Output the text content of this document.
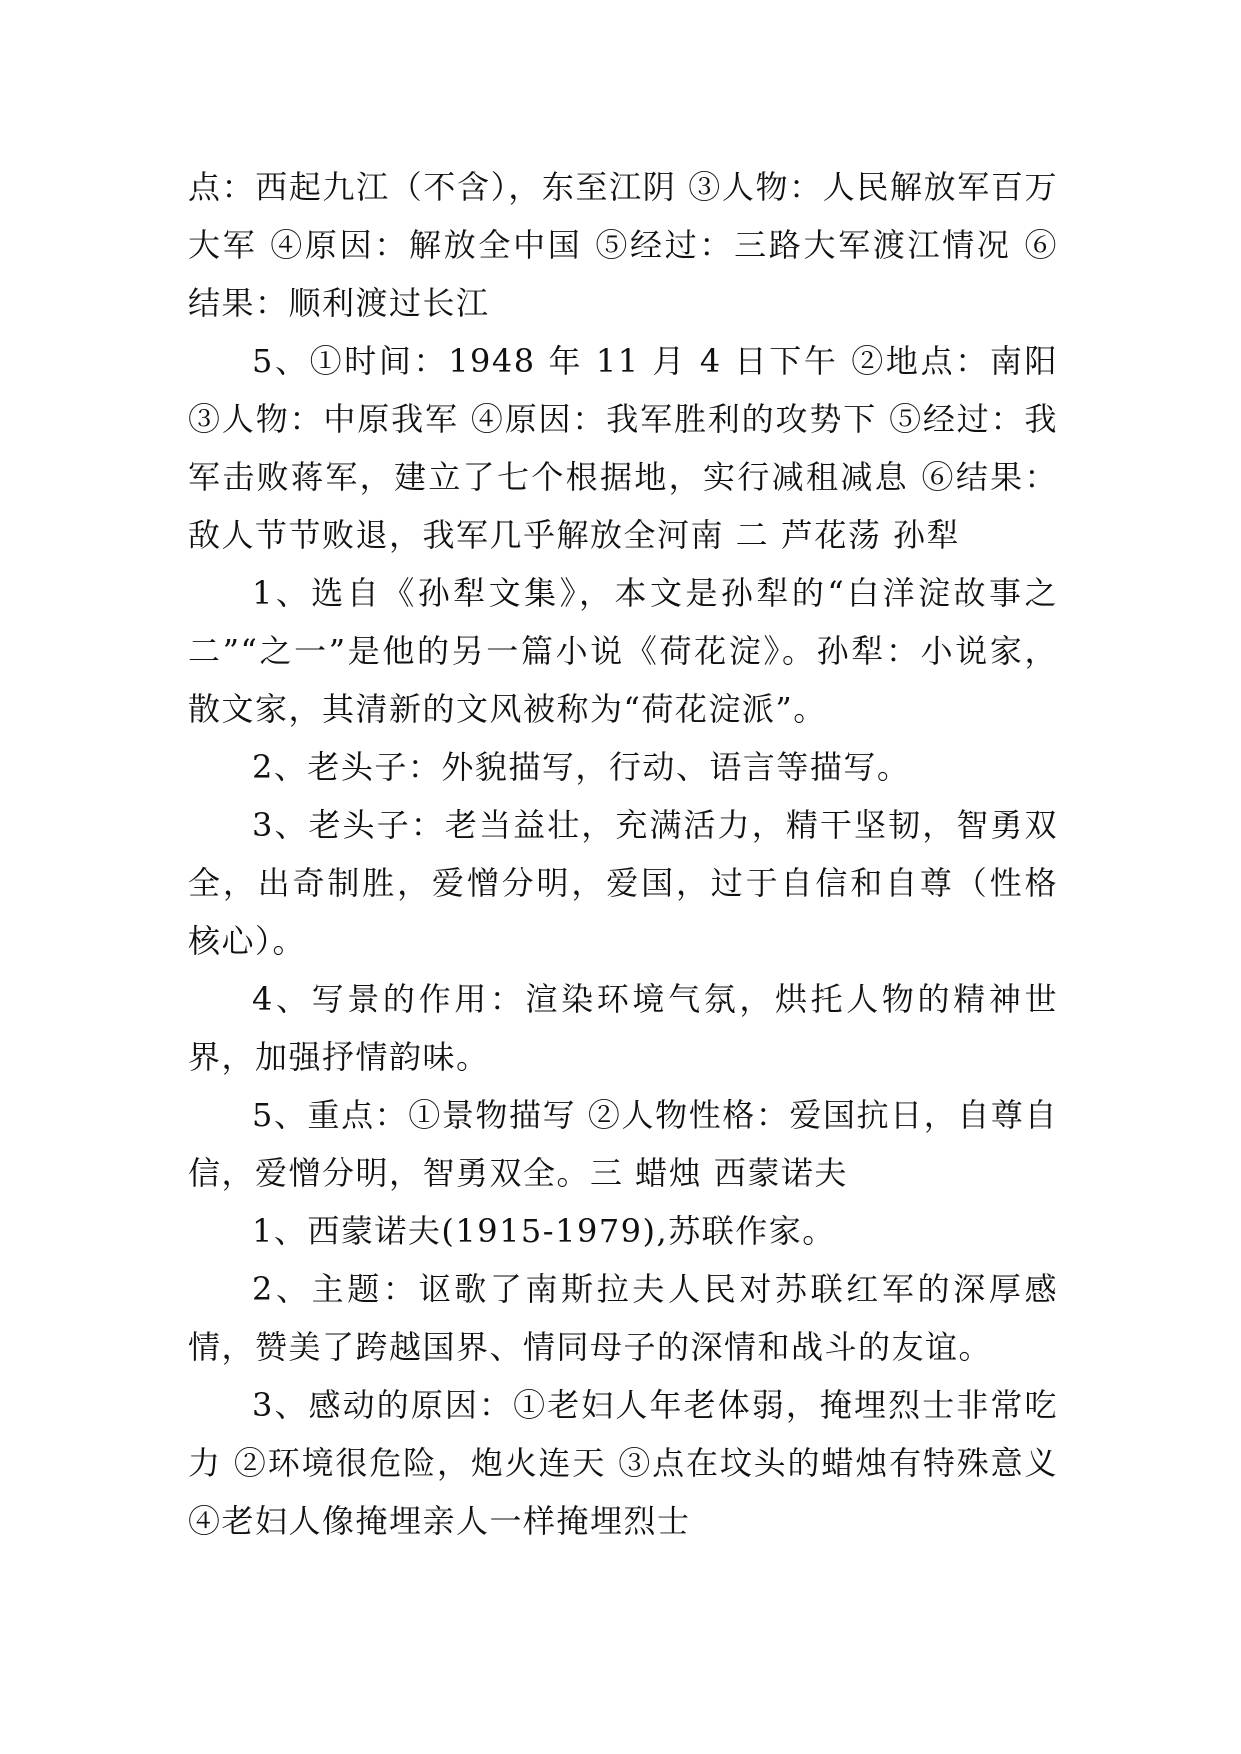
点：西起九江（不含），东至江阴 ③人物：人民解放军百万大军 ④原因：解放全中国 ⑤经过：三路大军渡江情况 ⑥结果：顺利渡过长江

5、①时间：1948 年 11 月 4 日下午 ②地点：南阳 ③人物：中原我军 ④原因：我军胜利的攻势下 ⑤经过：我军击败蒋军，建立了七个根据地，实行减租减息 ⑥结果：敌人节节败退，我军几乎解放全河南 二 芦花荡 孙犁

1、选自《孙犁文集》，本文是孙犁的“白洋淀故事之二”“之一”是他的另一篇小说《荷花淀》。孙犁：小说家，散文家，其清新的文风被称为“荷花淀派”。

2、老头子：外貌描写，行动、语言等描写。

3、老头子：老当益壮，充满活力，精干坚韧，智勇双全，出奇制胜，爱憎分明，爱国，过于自信和自尊（性格核心）。

4、写景的作用：渲染环境气氛，烘托人物的精神世界，加强抒情韵味。

5、重点：①景物描写 ②人物性格：爱国抗日，自尊自信，爱憎分明，智勇双全。三 蜡烛 西蒙诺夫

1、西蒙诺夫(1915-1979),苏联作家。

2、主题：讴歌了南斯拉夫人民对苏联红军的深厚感情，赞美了跨越国界、情同母子的深情和战斗的友谊。

3、感动的原因：①老妇人年老体弱，掩埋烈士非常吃力 ②环境很危险，炮火连天 ③点在坟头的蜡烛有特殊意义④老妇人像掩埋亲人一样掩埋烈士
